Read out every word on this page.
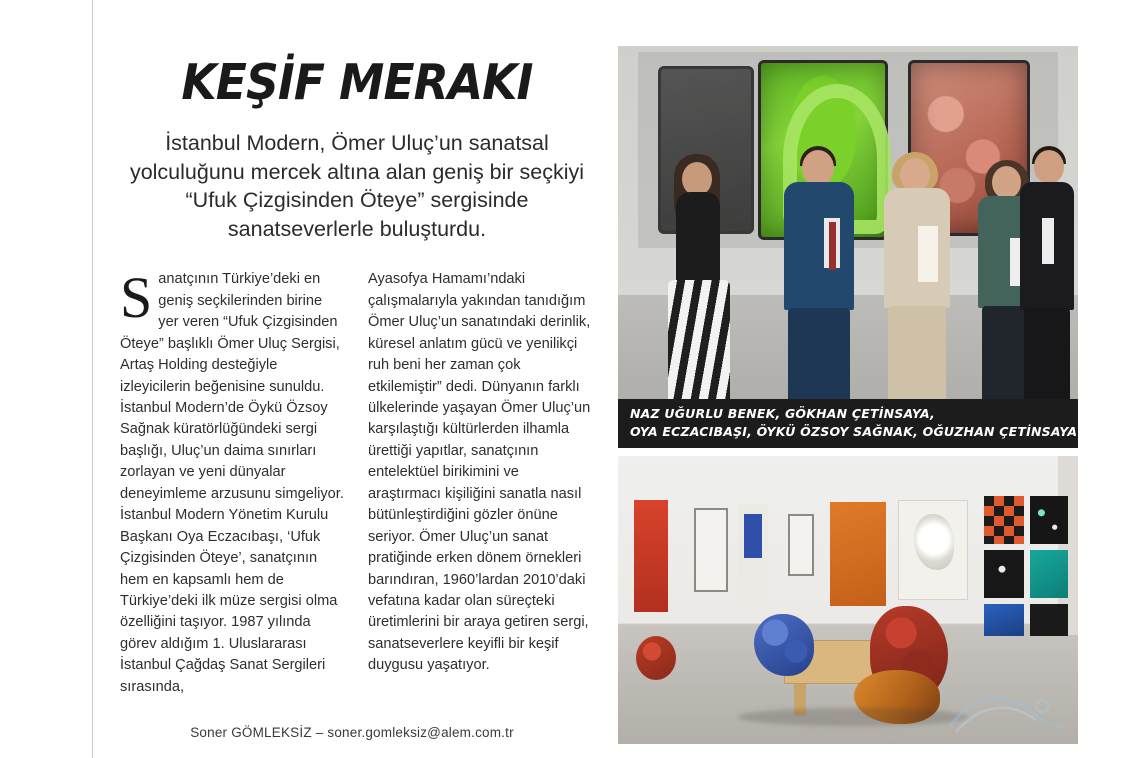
KEŞİF MERAKI

İstanbul Modern, Ömer Uluç’un sanatsal yolculuğunu mercek altına alan geniş bir seçkiyi “Ufuk Çizgisinden Öteye” sergisinde sanatseverlerle buluşturdu.

Sanatçının Türkiye’deki en geniş seçkilerinden birine yer veren “Ufuk Çizgisinden Öteye” başlıklı Ömer Uluç Sergisi, Artaş Holding desteğiyle izleyicilerin beğenisine sunuldu. İstanbul Modern’de Öykü Özsoy Sağnak küratörlüğündeki sergi başlığı, Uluç’un daima sınırları zorlayan ve yeni dünyalar deneyimleme arzusunu simgeliyor. İstanbul Modern Yönetim Kurulu Başkanı Oya Eczacıbaşı, ‘Ufuk Çizgisinden Öteye’, sanatçının hem en kapsamlı hem de Türkiye’deki ilk müze sergisi olma özelliğini taşıyor. 1987 yılında görev aldığım 1. Uluslararası İstanbul Çağdaş Sanat Sergileri sırasında,

Ayasofya Hamamı’ndaki çalışmalarıyla yakından tanıdığım Ömer Uluç’un sanatındaki derinlik, küresel anlatım gücü ve yenilikçi ruh beni her zaman çok etkilemiştir” dedi. Dünyanın farklı ülkelerinde yaşayan Ömer Uluç’un karşılaştığı kültürlerden ilhamla ürettiği yapıtlar, sanatçının entelektüel birikimini ve araştırmacı kişiliğini sanatla nasıl bütünleştirdiğini gözler önüne seriyor. Ömer Uluç’un sanat pratiğinde erken dönem örnekleri barındıran, 1960’lardan 2010’daki vefatına kadar olan süreçteki üretimlerini bir araya getiren sergi, sanatseverlere keyifli bir keşif duygusu yaşatıyor.

Soner GÖMLEKSİZ – soner.gomleksiz@alem.com.tr
NAZ UĞURLU BENEK, GÖKHAN ÇETİNSAYA,
OYA ECZACIBAŞI, ÖYKÜ ÖZSOY SAĞNAK, OĞUZHAN ÇETİNSAYA
